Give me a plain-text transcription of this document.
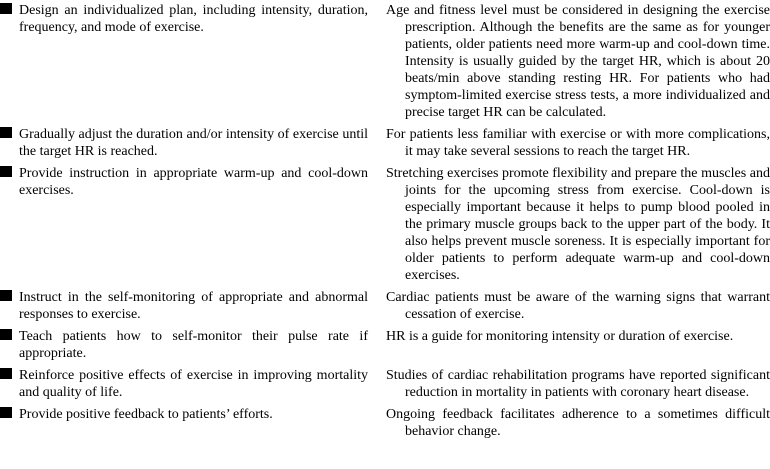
Design an individualized plan, including intensity, duration, frequency, and mode of exercise.

Age and fitness level must be considered in designing the exercise prescription. Although the benefits are the same as for younger patients, older patients need more warm-up and cool-down time. Intensity is usually guided by the target HR, which is about 20 beats/min above standing resting HR. For patients who had symptom-limited exercise stress tests, a more individualized and precise target HR can be calculated.

Gradually adjust the duration and/or intensity of exercise until the target HR is reached.

For patients less familiar with exercise or with more complications, it may take several sessions to reach the target HR.

Provide instruction in appropriate warm-up and cool-down exercises.

Stretching exercises promote flexibility and prepare the muscles and joints for the upcoming stress from exercise. Cool-down is especially important because it helps to pump blood pooled in the primary muscle groups back to the upper part of the body. It also helps prevent muscle soreness. It is especially important for older patients to perform adequate warm-up and cool-down exercises.

Instruct in the self-monitoring of appropriate and abnormal responses to exercise.

Cardiac patients must be aware of the warning signs that warrant cessation of exercise.

Teach patients how to self-monitor their pulse rate if appropriate.

HR is a guide for monitoring intensity or duration of exercise.

Reinforce positive effects of exercise in improving mortality and quality of life.

Studies of cardiac rehabilitation programs have reported significant reduction in mortality in patients with coronary heart disease.

Provide positive feedback to patients’ efforts.	Ongoing feedback facilitates adherence to a sometimes difficult behavior change.
